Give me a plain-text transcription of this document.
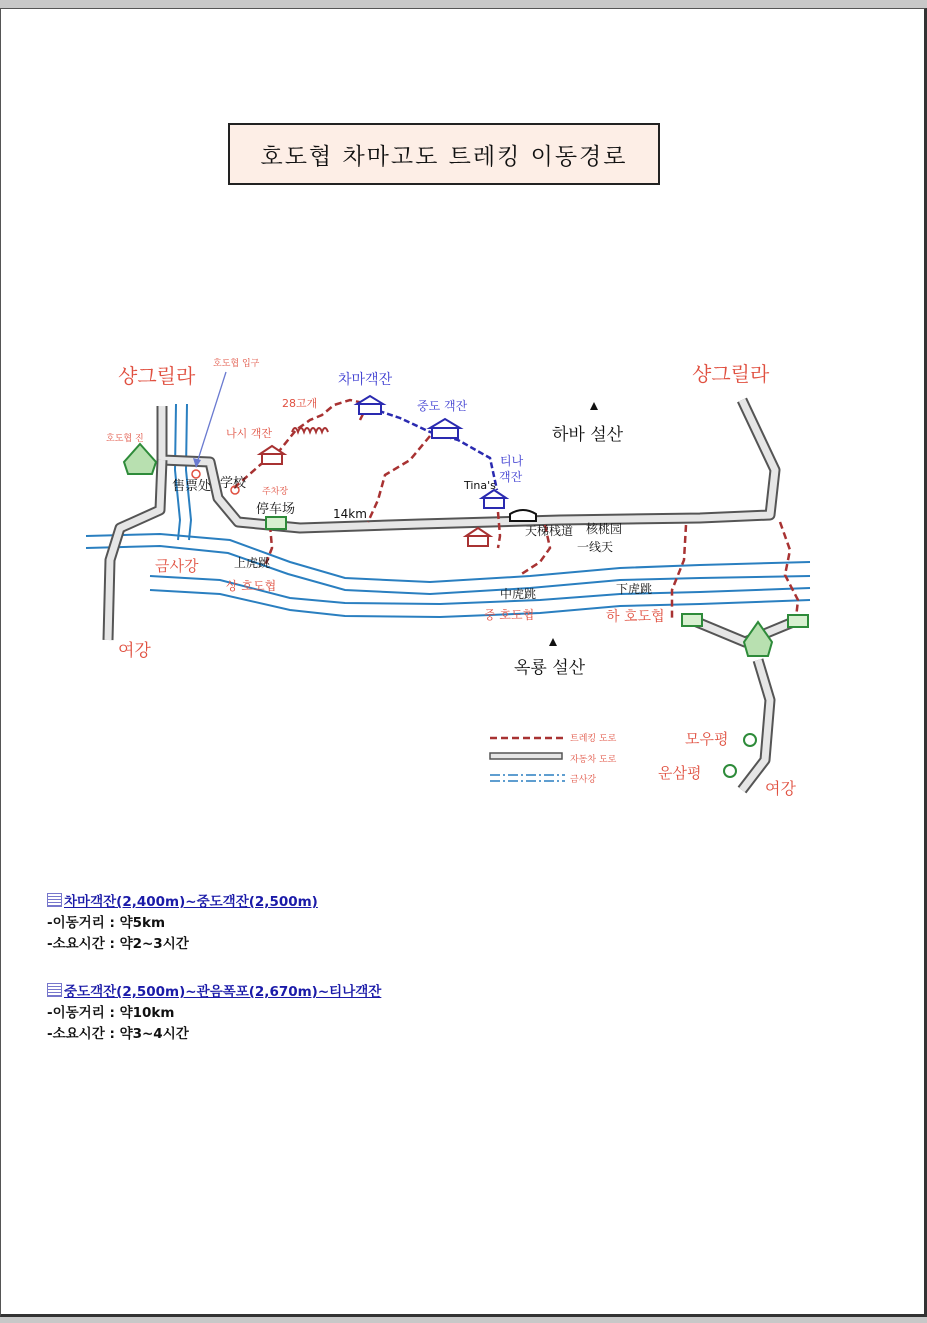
호도협 차마고도 트레킹 이동경로
샹그릴라	샹그릴라
호도협 입구
호도협 진
28고개
나시 객잔
주차장
售票处 学校
停车场	14km
차마객잔
중도 객잔
티나 객잔
Tina's
하바 설산
天梯栈道 核桃园
一线天
上虎跳
금사강
상 호도협
中虎跳
중 호도협
下虎跳
하 호도협
옥룡 설산
여강
여강
모우평
운삼평
트레킹 도로
자동차 도로
금사강
차마객잔(2,400m)~중도객잔(2,500m)
-이동거리 : 약5km
-소요시간 : 약2~3시간
중도객잔(2,500m)~관음폭포(2,670m)~티나객잔
-이동거리 : 약10km
-소요시간 : 약3~4시간
